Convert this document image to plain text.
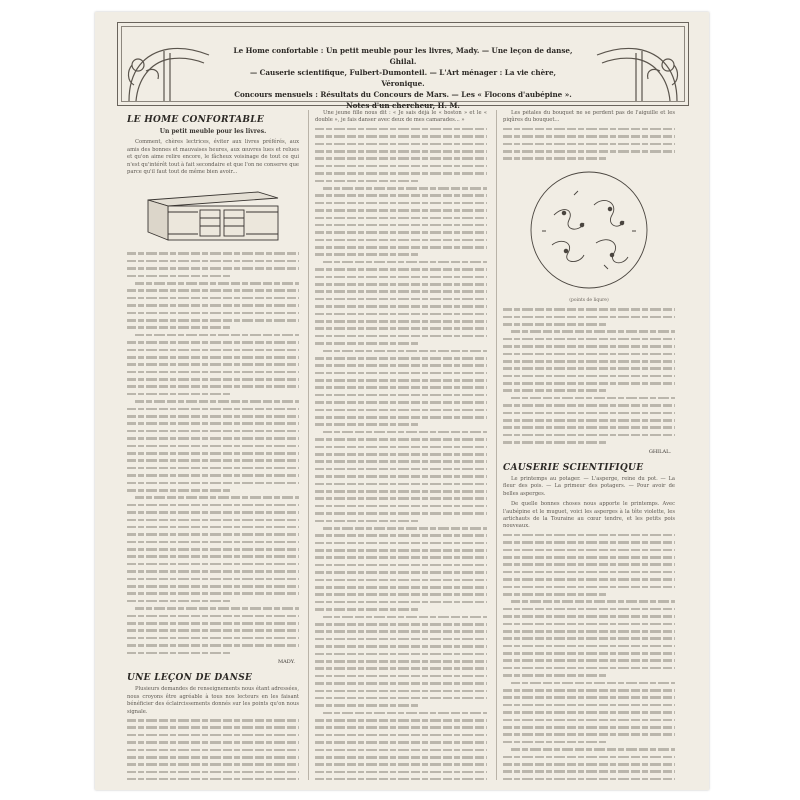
Le Home confortable : Un petit meuble pour les livres, Mady. — Une leçon de danse, Ghilal.
— Causerie scientifique, Fulbert-Dumonteil. — L'Art ménager : La vie chère, Véronique.
Concours mensuels : Résultats du Concours de Mars. — Les « Flocons d'aubépine ».
Notes d'un chercheur, H. M.
LE HOME CONFORTABLE
Un petit meuble pour les livres.

Comment, chères lectrices, éviter aux livres préférés, aux amis des bonnes et mauvaises heures, aux œuvres lues et relues et qu'on aime relire encore, le fâcheux voisinage de tout ce qui n'est qu'intérêt tout à fait secondaire et que l'on ne conserve que parce qu'il faut tout de même bien avoir...

MADY.
UNE LEÇON DE DANSE

Plusieurs demandes de renseignements nous étant adressées, nous croyons être agréable à tous nos lecteurs en les faisant bénéficier des éclaircissements donnés sur les points qu'on nous signale.

Une jeune fille nous dit : « Je sais déjà le « boston » et le « double », je fais danser avec deux de mes camarades... »

Les pétales du bouquet ne se perdent pas de l'aiguille et les piqûres du bouquet...

(points de liqure)
GHILAL.
CAUSERIE SCIENTIFIQUE

Le printemps au potager. — L'asperge, reine du pot. — La fleur des pois. — La primeur des potagers. — Pour avoir de belles asperges.

De quelle bonnes choses nous apporte le printemps. Avec l'aubépine et le muguet, voici les asperges à la tête violette, les artichauts de la Touraine au cœur tendre, et les petits pois nouveaux.
